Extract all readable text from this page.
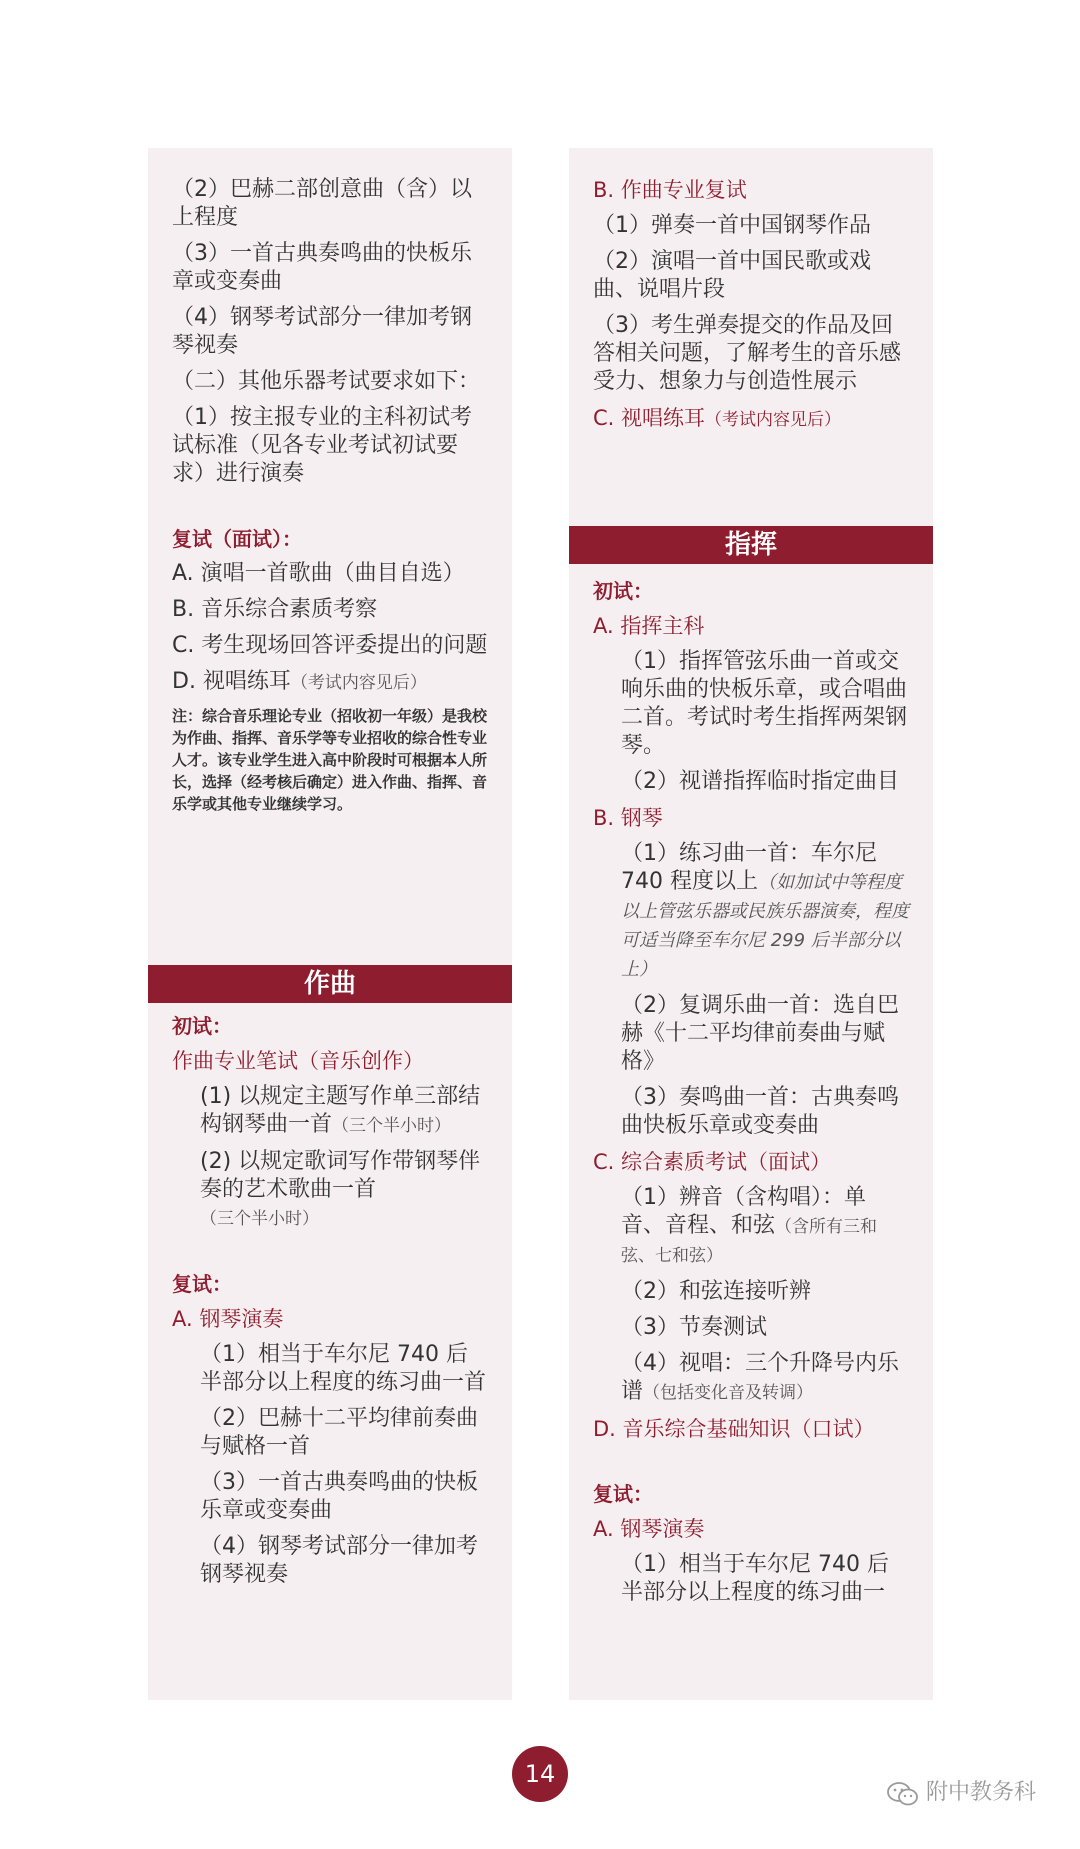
（2）巴赫二部创意曲（含）以上程度

（3）一首古典奏鸣曲的快板乐章或变奏曲

（4）钢琴考试部分一律加考钢琴视奏

（二）其他乐器考试要求如下：

（1）按主报专业的主科初试考试标准（见各专业考试初试要求）进行演奏

复试（面试）：

A. 演唱一首歌曲（曲目自选）

B. 音乐综合素质考察

C. 考生现场回答评委提出的问题

D. 视唱练耳（考试内容见后）

注：综合音乐理论专业（招收初一年级）是我校为作曲、指挥、音乐学等专业招收的综合性专业人才。该专业学生进入高中阶段时可根据本人所长，选择（经考核后确定）进入作曲、指挥、音乐学或其他专业继续学习。

作曲

初试：

作曲专业笔试（音乐创作）

(1) 以规定主题写作单三部结构钢琴曲一首（三个半小时）

(2) 以规定歌词写作带钢琴伴奏的艺术歌曲一首（三个半小时）

复试：

A. 钢琴演奏

（1）相当于车尔尼 740 后半部分以上程度的练习曲一首

（2）巴赫十二平均律前奏曲与赋格一首

（3）一首古典奏鸣曲的快板乐章或变奏曲

（4）钢琴考试部分一律加考钢琴视奏

B. 作曲专业复试

（1）弹奏一首中国钢琴作品

（2）演唱一首中国民歌或戏曲、说唱片段

（3）考生弹奏提交的作品及回答相关问题，了解考生的音乐感受力、想象力与创造性展示

C. 视唱练耳（考试内容见后）

指挥

初试：

A. 指挥主科

（1）指挥管弦乐曲一首或交响乐曲的快板乐章，或合唱曲二首。考试时考生指挥两架钢琴。

（2）视谱指挥临时指定曲目

B. 钢琴

（1）练习曲一首：车尔尼 740 程度以上（如加试中等程度以上管弦乐器或民族乐器演奏，程度可适当降至车尔尼 299 后半部分以上）

（2）复调乐曲一首：选自巴赫《十二平均律前奏曲与赋格》

（3）奏鸣曲一首：古典奏鸣曲快板乐章或变奏曲

C. 综合素质考试（面试）

（1）辨音（含构唱）：单音、音程、和弦（含所有三和弦、七和弦）

（2）和弦连接听辨

（3）节奏测试

（4）视唱：三个升降号内乐谱（包括变化音及转调）

D. 音乐综合基础知识（口试）

复试：

A. 钢琴演奏

（1）相当于车尔尼 740 后半部分以上程度的练习曲一

14
附中教务科
